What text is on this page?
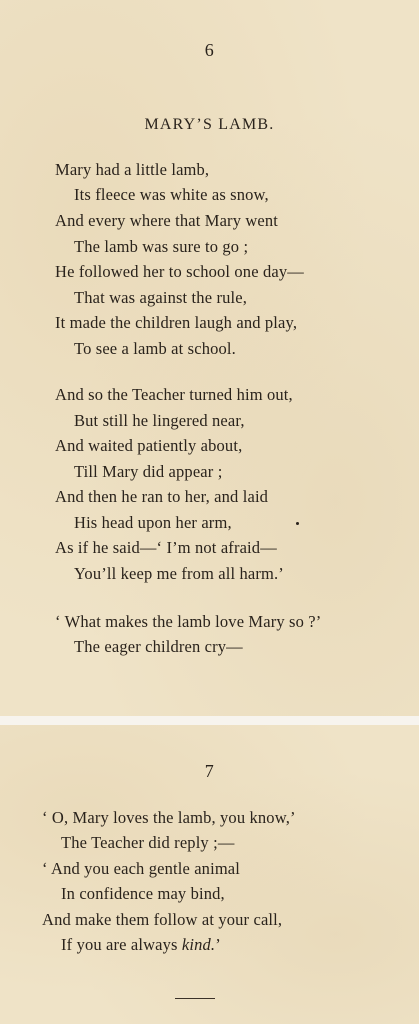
6
MARY’S LAMB.
Mary had a little lamb,
Its fleece was white as snow,
And every where that Mary went
The lamb was sure to go ;
He followed her to school one day—
That was against the rule,
It made the children laugh and play,
To see a lamb at school.
And so the Teacher turned him out,
But still he lingered near,
And waited patiently about,
Till Mary did appear ;
And then he ran to her, and laid
His head upon her arm,
As if he said—‘ I’m not afraid—
You’ll keep me from all harm.’
‘ What makes the lamb love Mary so ?’
The eager children cry—
7
‘ O, Mary loves the lamb, you know,’
The Teacher did reply ;—
‘ And you each gentle animal
In confidence may bind,
And make them follow at your call,
If you are always kind.’
